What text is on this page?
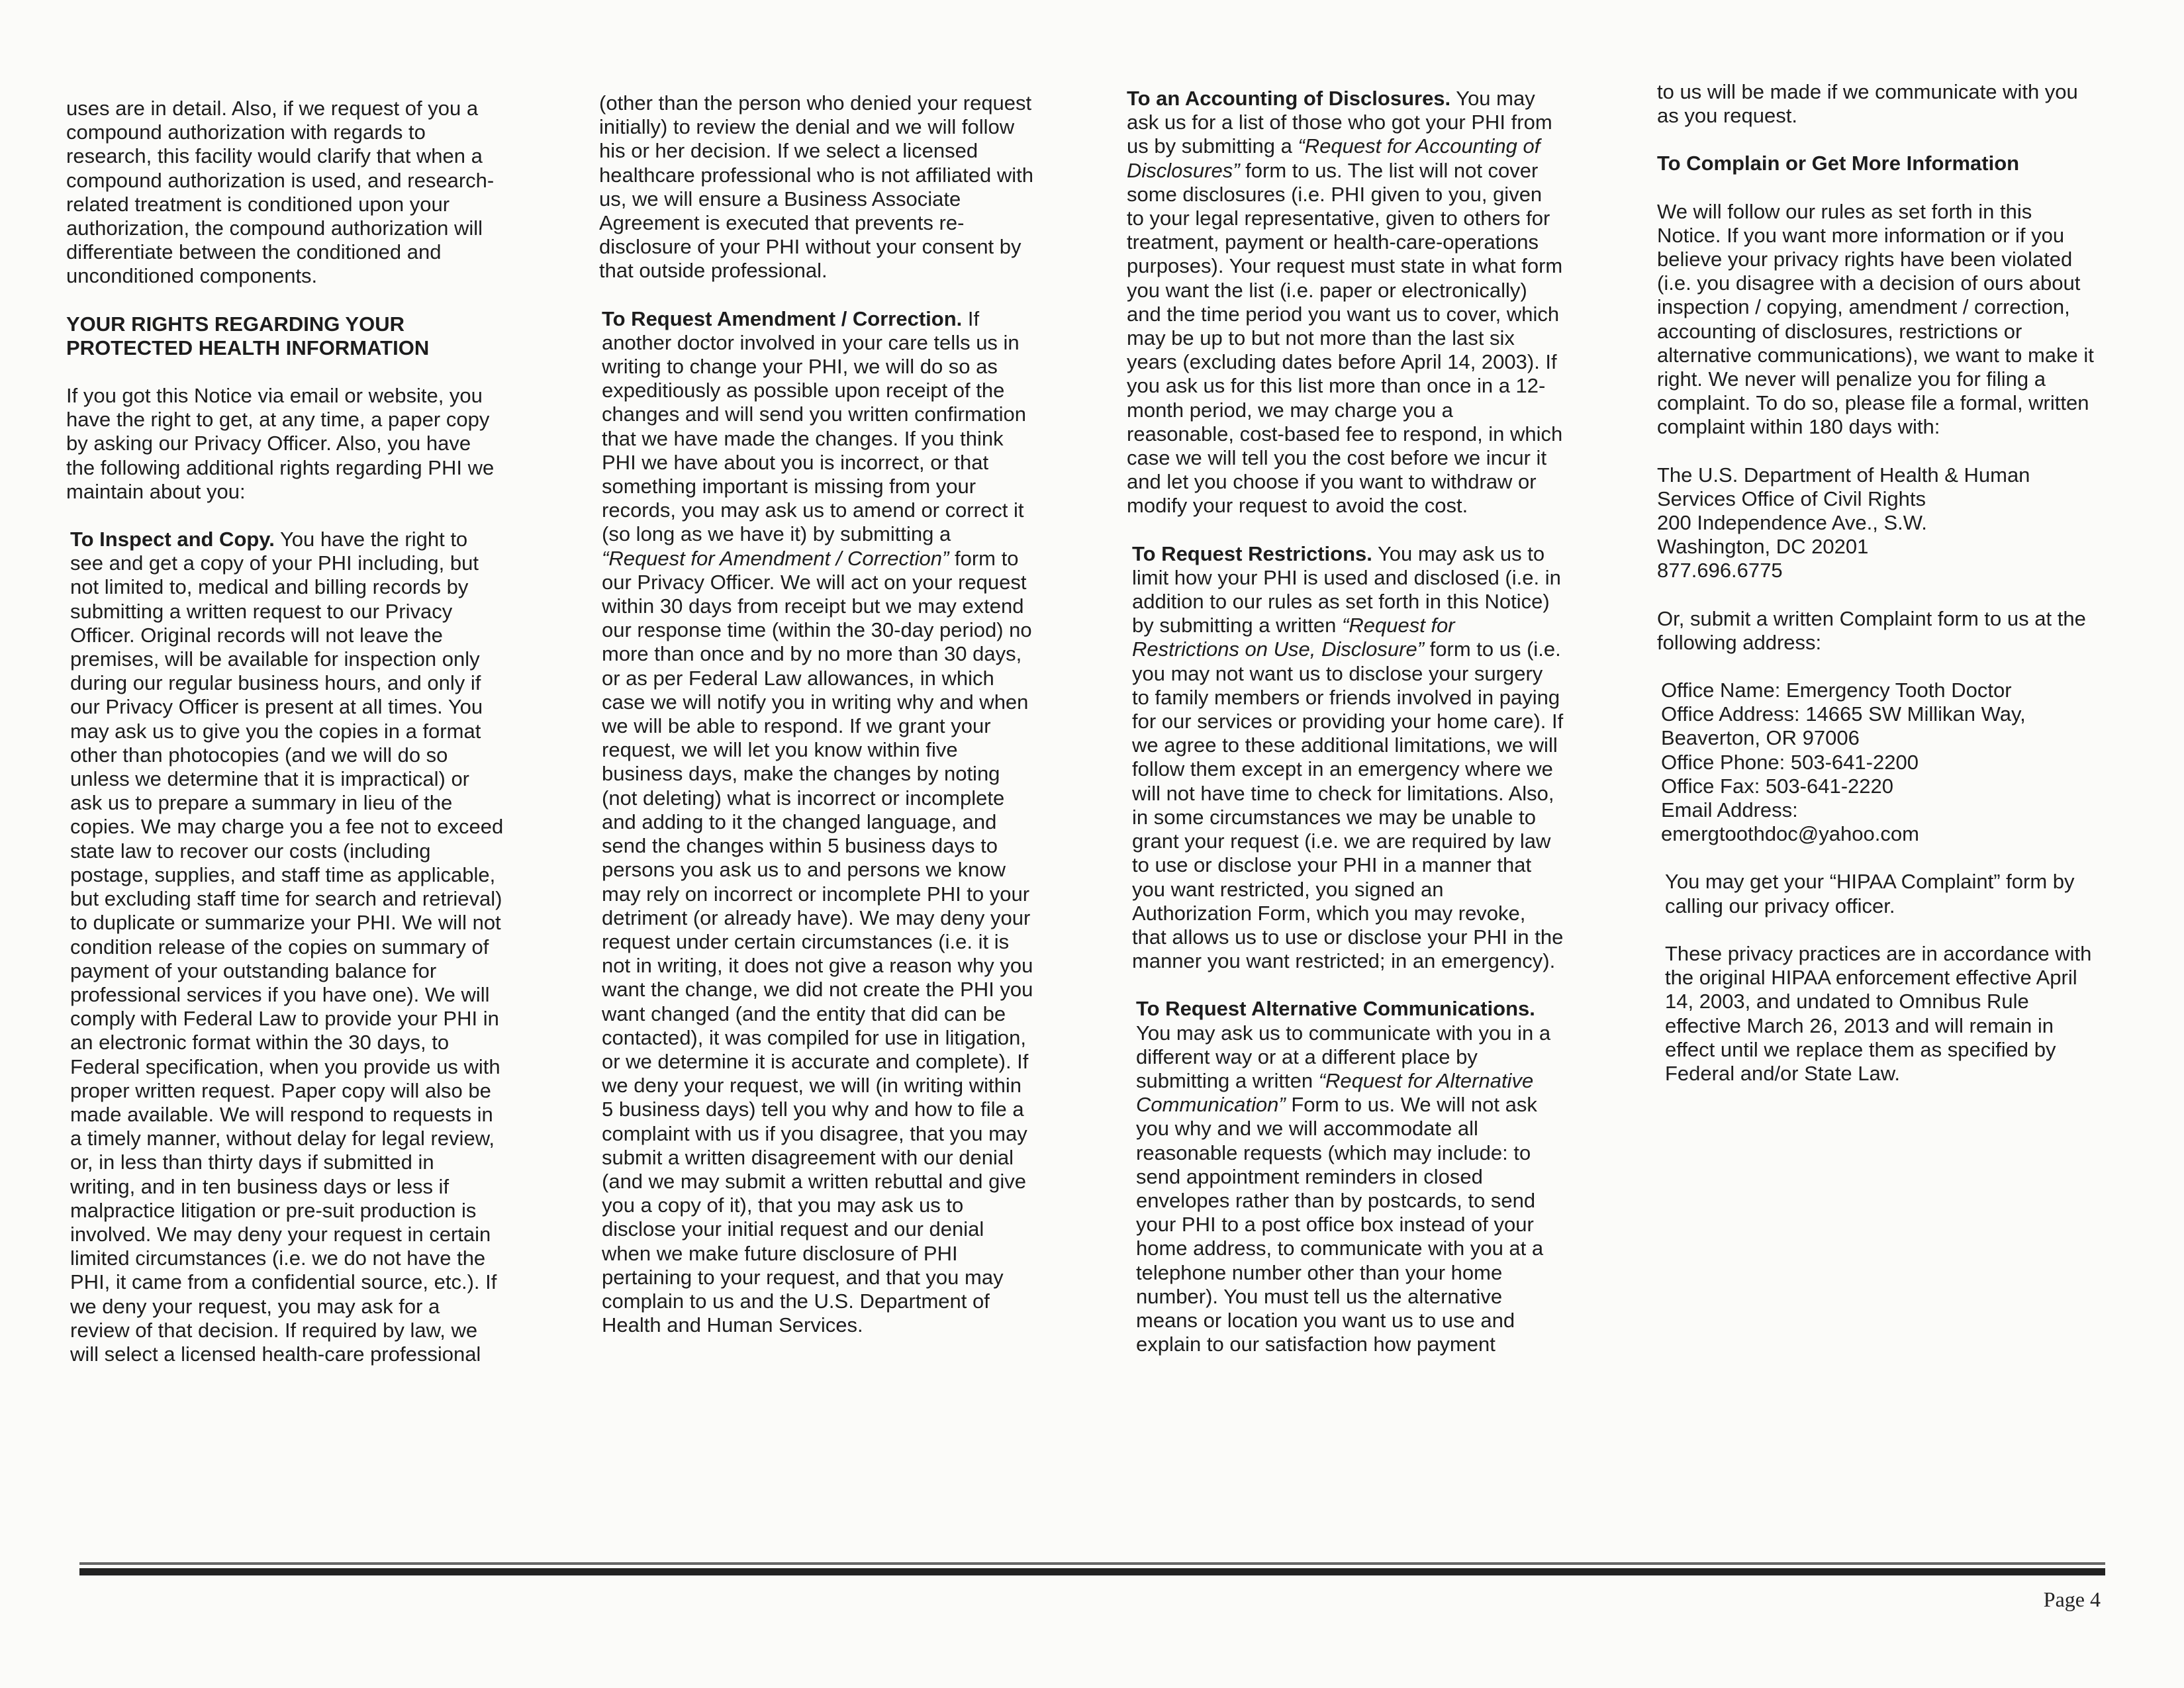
uses are in detail. Also, if we request of you a compound authorization with regards to research, this facility would clarify that when a compound authorization is used, and research-related treatment is conditioned upon your authorization, the compound authorization will differentiate between the conditioned and unconditioned components.

YOUR RIGHTS REGARDING YOUR
PROTECTED HEALTH INFORMATION

If you got this Notice via email or website, you have the right to get, at any time, a paper copy by asking our Privacy Officer. Also, you have the following additional rights regarding PHI we maintain about you:

To Inspect and Copy. You have the right to see and get a copy of your PHI including, but not limited to, medical and billing records by submitting a written request to our Privacy Officer. Original records will not leave the premises, will be available for inspection only during our regular business hours, and only if our Privacy Officer is present at all times. You may ask us to give you the copies in a format other than photocopies (and we will do so unless we determine that it is impractical) or ask us to prepare a summary in lieu of the copies. We may charge you a fee not to exceed state law to recover our costs (including postage, supplies, and staff time as applicable, but excluding staff time for search and retrieval) to duplicate or summarize your PHI. We will not condition release of the copies on summary of payment of your outstanding balance for professional services if you have one). We will comply with Federal Law to provide your PHI in an electronic format within the 30 days, to Federal specification, when you provide us with proper written request. Paper copy will also be made available. We will respond to requests in a timely manner, without delay for legal review, or, in less than thirty days if submitted in writing, and in ten business days or less if malpractice litigation or pre-suit production is involved. We may deny your request in certain limited circumstances (i.e. we do not have the PHI, it came from a confidential source, etc.). If we deny your request, you may ask for a review of that decision. If required by law, we will select a licensed health-care professional

(other than the person who denied your request initially) to review the denial and we will follow his or her decision. If we select a licensed healthcare professional who is not affiliated with us, we will ensure a Business Associate Agreement is executed that prevents re-disclosure of your PHI without your consent by that outside professional.

To Request Amendment / Correction. If another doctor involved in your care tells us in writing to change your PHI, we will do so as expeditiously as possible upon receipt of the changes and will send you written confirmation that we have made the changes. If you think PHI we have about you is incorrect, or that something important is missing from your records, you may ask us to amend or correct it (so long as we have it) by submitting a “Request for Amendment / Correction” form to our Privacy Officer. We will act on your request within 30 days from receipt but we may extend our response time (within the 30-day period) no more than once and by no more than 30 days, or as per Federal Law allowances, in which case we will notify you in writing why and when we will be able to respond. If we grant your request, we will let you know within five business days, make the changes by noting (not deleting) what is incorrect or incomplete and adding to it the changed language, and send the changes within 5 business days to persons you ask us to and persons we know may rely on incorrect or incomplete PHI to your detriment (or already have). We may deny your request under certain circumstances (i.e. it is not in writing, it does not give a reason why you want the change, we did not create the PHI you want changed (and the entity that did can be contacted), it was compiled for use in litigation, or we determine it is accurate and complete). If we deny your request, we will (in writing within 5 business days) tell you why and how to file a complaint with us if you disagree, that you may submit a written disagreement with our denial (and we may submit a written rebuttal and give you a copy of it), that you may ask us to disclose your initial request and our denial when we make future disclosure of PHI pertaining to your request, and that you may complain to us and the U.S. Department of Health and Human Services.

To an Accounting of Disclosures. You may ask us for a list of those who got your PHI from us by submitting a “Request for Accounting of Disclosures” form to us. The list will not cover some disclosures (i.e. PHI given to you, given to your legal representative, given to others for treatment, payment or health-care-operations purposes). Your request must state in what form you want the list (i.e. paper or electronically) and the time period you want us to cover, which may be up to but not more than the last six years (excluding dates before April 14, 2003). If you ask us for this list more than once in a 12-month period, we may charge you a reasonable, cost-based fee to respond, in which case we will tell you the cost before we incur it and let you choose if you want to withdraw or modify your request to avoid the cost.

To Request Restrictions. You may ask us to limit how your PHI is used and disclosed (i.e. in addition to our rules as set forth in this Notice) by submitting a written “Request for Restrictions on Use, Disclosure” form to us (i.e. you may not want us to disclose your surgery to family members or friends involved in paying for our services or providing your home care). If we agree to these additional limitations, we will follow them except in an emergency where we will not have time to check for limitations. Also, in some circumstances we may be unable to grant your request (i.e. we are required by law to use or disclose your PHI in a manner that you want restricted, you signed an Authorization Form, which you may revoke, that allows us to use or disclose your PHI in the manner you want restricted; in an emergency).

To Request Alternative Communications. You may ask us to communicate with you in a different way or at a different place by submitting a written “Request for Alternative Communication” Form to us. We will not ask you why and we will accommodate all reasonable requests (which may include: to send appointment reminders in closed envelopes rather than by postcards, to send your PHI to a post office box instead of your home address, to communicate with you at a telephone number other than your home number). You must tell us the alternative means or location you want us to use and explain to our satisfaction how payment

to us will be made if we communicate with you as you request.

To Complain or Get More Information

We will follow our rules as set forth in this Notice. If you want more information or if you believe your privacy rights have been violated (i.e. you disagree with a decision of ours about inspection / copying, amendment / correction, accounting of disclosures, restrictions or alternative communications), we want to make it right. We never will penalize you for filing a complaint. To do so, please file a formal, written complaint within 180 days with:

The U.S. Department of Health & Human
Services Office of Civil Rights
200 Independence Ave., S.W.
Washington, DC 20201
877.696.6775

Or, submit a written Complaint form to us at the following address:

Office Name: Emergency Tooth Doctor
Office Address: 14665 SW Millikan Way,
Beaverton, OR 97006
Office Phone: 503-641-2200
Office Fax: 503-641-2220
Email Address:
emergtoothdoc@yahoo.com

You may get your “HIPAA Complaint” form by calling our privacy officer.

These privacy practices are in accordance with the original HIPAA enforcement effective April 14, 2003, and undated to Omnibus Rule effective March 26, 2013 and will remain in effect until we replace them as specified by Federal and/or State Law.

Page 4
